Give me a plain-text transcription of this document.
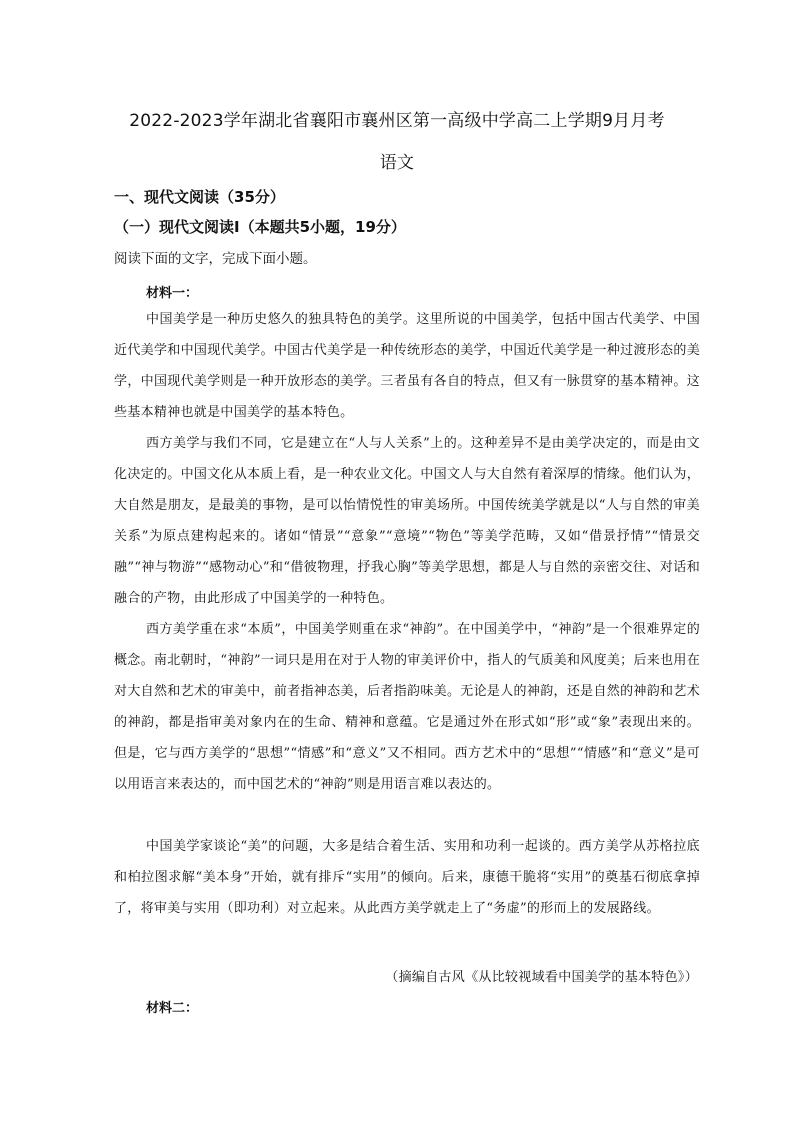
2022-2023学年湖北省襄阳市襄州区第一高级中学高二上学期9月月考
语文
一、现代文阅读（35分）
（一）现代文阅读Ⅰ（本题共5小题，19分）
阅读下面的文字，完成下面小题。
材料一：
中国美学是一种历史悠久的独具特色的美学。这里所说的中国美学，包括中国古代美学、中国近代美学和中国现代美学。中国古代美学是一种传统形态的美学，中国近代美学是一种过渡形态的美学，中国现代美学则是一种开放形态的美学。三者虽有各自的特点，但又有一脉贯穿的基本精神。这些基本精神也就是中国美学的基本特色。
西方美学与我们不同，它是建立在“人与人关系”上的。这种差异不是由美学决定的，而是由文化决定的。中国文化从本质上看，是一种农业文化。中国文人与大自然有着深厚的情缘。他们认为，大自然是朋友，是最美的事物，是可以怡情悦性的审美场所。中国传统美学就是以“人与自然的审美关系”为原点建构起来的。诸如“情景”“意象”“意境”“物色”等美学范畴，又如“借景抒情”“情景交融”“神与物游”“感物动心”和“借彼物理，抒我心胸”等美学思想，都是人与自然的亲密交往、对话和融合的产物，由此形成了中国美学的一种特色。
西方美学重在求“本质”，中国美学则重在求“神韵”。在中国美学中，“神韵”是一个很难界定的概念。南北朝时，“神韵”一词只是用在对于人物的审美评价中，指人的气质美和风度美；后来也用在对大自然和艺术的审美中，前者指神态美，后者指韵味美。无论是人的神韵，还是自然的神韵和艺术的神韵，都是指审美对象内在的生命、精神和意蕴。它是通过外在形式如“形”或“象”表现出来的。但是，它与西方美学的“思想”“情感”和“意义”又不相同。西方艺术中的“思想”“情感”和“意义”是可以用语言来表达的，而中国艺术的“神韵”则是用语言难以表达的。
中国美学家谈论“美”的问题，大多是结合着生活、实用和功利一起谈的。西方美学从苏格拉底和柏拉图求解“美本身”开始，就有排斥“实用”的倾向。后来，康德干脆将“实用”的奠基石彻底拿掉了，将审美与实用（即功利）对立起来。从此西方美学就走上了“务虚”的形而上的发展路线。
（摘编自古风《从比较视域看中国美学的基本特色》）
材料二：
